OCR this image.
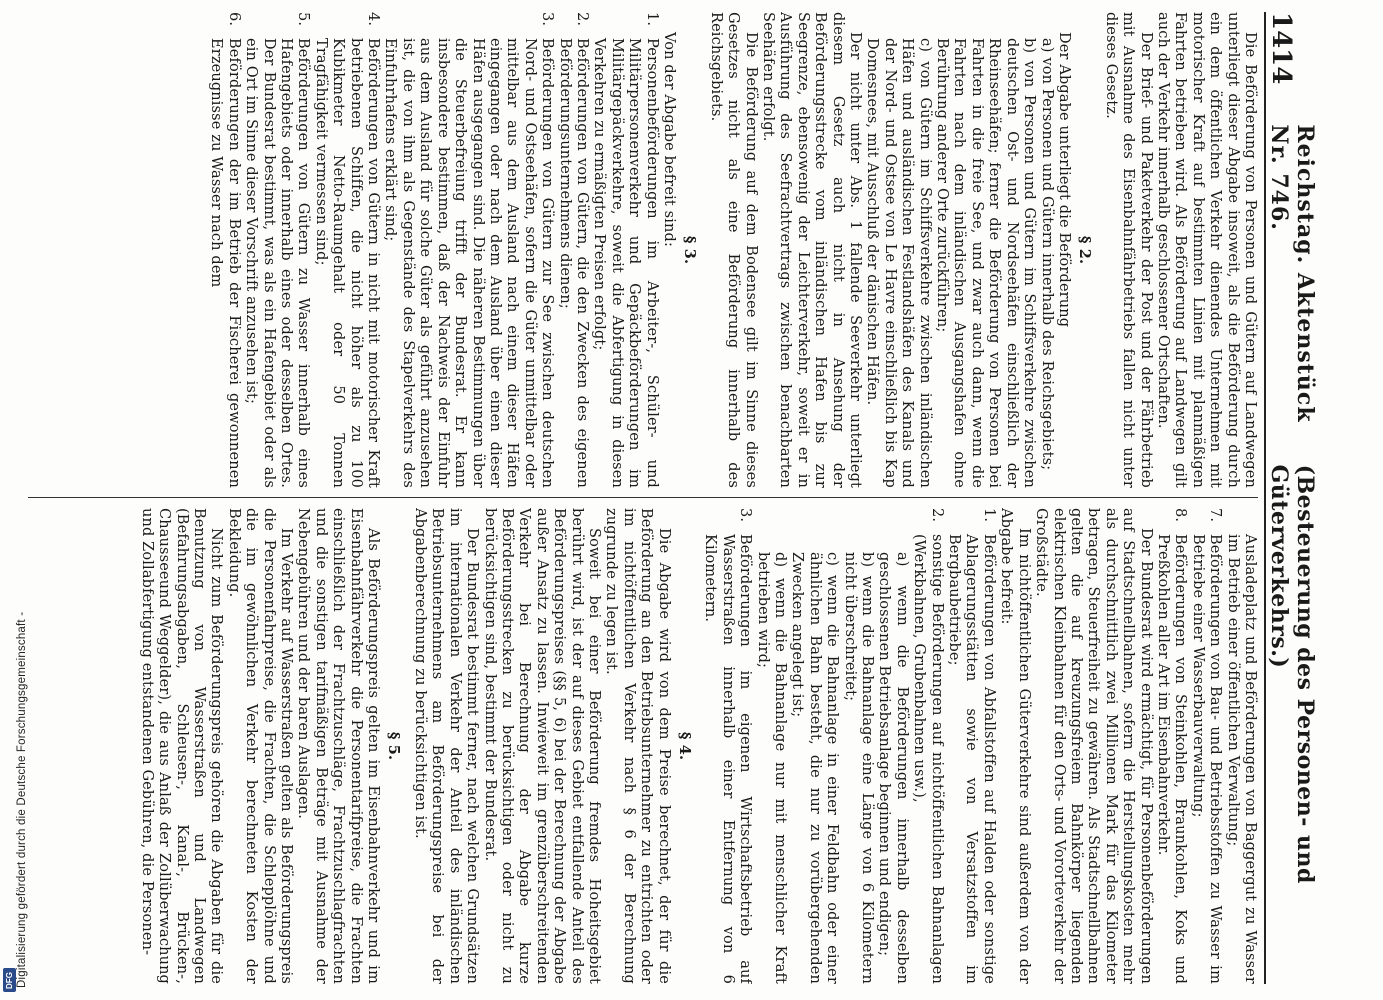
1414
Reichstag. Aktenstück Nr. 746.
(Besteuerung des Personen- und Güterverkehrs.)

Die Beförderung von Personen und Gütern auf Landwegen unterliegt dieser Abgabe insoweit, als die Beförderung durch ein dem öffentlichen Verkehr dienendes Unternehmen mit motorischer Kraft auf bestimmten Linien mit planmäßigen Fahrten betrieben wird. Als Beförderung auf Landwegen gilt auch der Verkehr innerhalb geschlossener Ortschaften.

Der Brief- und Paketverkehr der Post und der Fährbetrieb mit Ausnahme des Eisenbahnfährbetriebs fallen nicht unter dieses Gesetz.

§ 2.

Der Abgabe unterliegt die Beförderung

a) von Personen und Gütern innerhalb des Reichsgebiets;

b) von Personen und Gütern im Schiffsverkehre zwischen deutschen Ost- und Nordseehäfen einschließlich der Rheinseehäfen; ferner die Beförderung von Personen bei Fahrten in die freie See, und zwar auch dann, wenn die Fahrten nach dem inländischen Ausgangshafen ohne Berührung anderer Orte zurückführen;

c) von Gütern im Schiffsverkehre zwischen inländischen Häfen und ausländischen Festlandshäfen des Kanals und der Nord- und Ostsee von Le Havre einschließlich bis Kap Domesnees, mit Ausschluß der dänischen Häfen.

Der nicht unter Abs. 1 fallende Seeverkehr unterliegt diesem Gesetz auch nicht in Ansehung der Beförderungsstrecke vom inländischen Hafen bis zur Seegrenze, ebensowenig der Leichterverkehr, soweit er in Ausführung des Seefrachtvertrags zwischen benachbarten Seehäfen erfolgt.

Die Beförderung auf dem Bodensee gilt im Sinne dieses Gesetzes nicht als eine Beförderung innerhalb des Reichsgebiets.

§ 3.

Von der Abgabe befreit sind:

1.
Personenbeförderungen im Arbeiter-, Schüler- und Militärpersonenverkehr und Gepäckbeförderungen im Militärgepäckverkehre, soweit die Abfertigung in diesen Verkehren zu ermäßigten Preisen erfolgt;
2.
Beförderungen von Gütern, die den Zwecken des eigenen Beförderungsunternehmens dienen;
3.
Beförderungen von Gütern zur See zwischen deutschen Nord- und Ostseehäfen, sofern die Güter unmittelbar oder mittelbar aus dem Ausland nach einem dieser Häfen eingegangen oder nach dem Ausland über einen dieser Häfen ausgegangen sind. Die näheren Bestimmungen über die Steuerbefreiung trifft der Bundesrat. Er kann insbesondere bestimmen, daß der Nachweis der Einfuhr aus dem Ausland für solche Güter als geführt anzusehen ist, die von ihm als Gegenstände des Stapelverkehrs des Einfuhrhafens erklärt sind;
4.
Beförderungen von Gütern in nicht mit motorischer Kraft betriebenen Schiffen, die nicht höher als zu 100 Kubikmeter Netto-Raumgehalt oder 50 Tonnen Tragfähigkeit vermessen sind;
5.
Beförderungen von Gütern zu Wasser innerhalb eines Hafengebiets oder innerhalb eines oder desselben Ortes. Der Bundesrat bestimmt, was als ein Hafengebiet oder als ein Ort im Sinne dieser Vorschrift anzusehen ist;
6.
Beförderungen der im Betrieb der Fischerei gewonnenen Erzeugnisse zu Wasser nach dem
Ausladeplatz und Beförderungen von Baggergut zu Wasser im Betrieb einer öffentlichen Verwaltung;
7.
Beförderungen von Bau- und Betriebsstoffen zu Wasser im Betriebe einer Wasserbauverwaltung;
8.
Beförderungen von Steinkohlen, Braunkohlen, Koks und Preßkohlen aller Art im Eisenbahnverkehr.

Der Bundesrat wird ermächtigt, für Personenbeförderungen auf Stadtschnellbahnen, sofern die Herstellungskosten mehr als durchschnittlich zwei Millionen Mark für das Kilometer betragen, Steuerfreiheit zu gewähren. Als Stadtschnellbahnen gelten die auf kreuzungsfreiem Bahnkörper liegenden elektrischen Kleinbahnen für den Orts- und Vororteverkehr der Großstädte.

Im nichtöffentlichen Güterverkehre sind außerdem von der Abgabe befreit:

1.
Beförderungen von Abfallstoffen auf Halden oder sonstige Ablagerungsstätten sowie von Versatzstoffen im Bergbaubetriebe;
2.
sonstige Beförderungen auf nichtöffentlichen Bahnanlagen (Werkbahnen, Grubenbahnen usw.),

a) wenn die Beförderungen innerhalb desselben geschlossenen Betriebsanlage beginnen und endigen;

b) wenn die Bahnanlage eine Länge von 6 Kilometern nicht überschreitet;

c) wenn die Bahnanlage in einer Feldbahn oder einer ähnlichen Bahn besteht, die nur zu vorübergehenden Zwecken angelegt ist;

d) wenn die Bahnanlage nur mit menschlicher Kraft betrieben wird;

3.
Beförderungen im eigenen Wirtschaftsbetrieb auf Wasserstraßen innerhalb einer Entfernung von 6 Kilometern.

§ 4.

Die Abgabe wird von dem Preise berechnet, der für die Beförderung an den Betriebsunternehmer zu entrichten oder im nichtöffentlichen Verkehr nach § 6 der Berechnung zugrunde zu legen ist.

Soweit bei einer Beförderung fremdes Hoheitsgebiet berührt wird, ist der auf dieses Gebiet entfallende Anteil des Beförderungspreises (§§ 5, 6) bei der Berechnung der Abgabe außer Ansatz zu lassen. Inwieweit im grenzüberschreitenden Verkehr bei Berechnung der Abgabe kurze Beförderungsstrecken zu berücksichtigen oder nicht zu berücksichtigen sind, bestimmt der Bundesrat.

Der Bundesrat bestimmt ferner, nach welchen Grundsätzen im internationalen Verkehr der Anteil des inländischen Betriebsunternehmens am Beförderungspreise bei der Abgabenberechnung zu berücksichtigen ist.

§ 5.

Als Beförderungspreis gelten im Eisenbahnverkehr und im Eisenbahnfährverkehr die Personentarifpreise, die Frachten einschließlich der Frachtzuschläge, Frachtzuschlagfrachten und die sonstigen tarifmäßigen Beträge mit Ausnahme der Nebengebühren und der baren Auslagen.

Im Verkehr auf Wasserstraßen gelten als Beförderungspreis die Personenfahrpreise, die Frachten, die Schlepplöhne und die im gewöhnlichen Verkehr berechneten Kosten der Bekleidung.

Nicht zum Beförderungspreis gehören die Abgaben für die Benutzung von Wasserstraßen und Landwegen (Befahrungsabgaben, Schleusen-, Kanal-, Brücken-, Chausseeund Weggelder), die aus Anlaß der Zollüberwachung und Zollabfertigung entstandenen Gebühren, die Personen-

Digitalisierung gefördert durch die Deutsche Forschungsgemeinschaft -
DFG
